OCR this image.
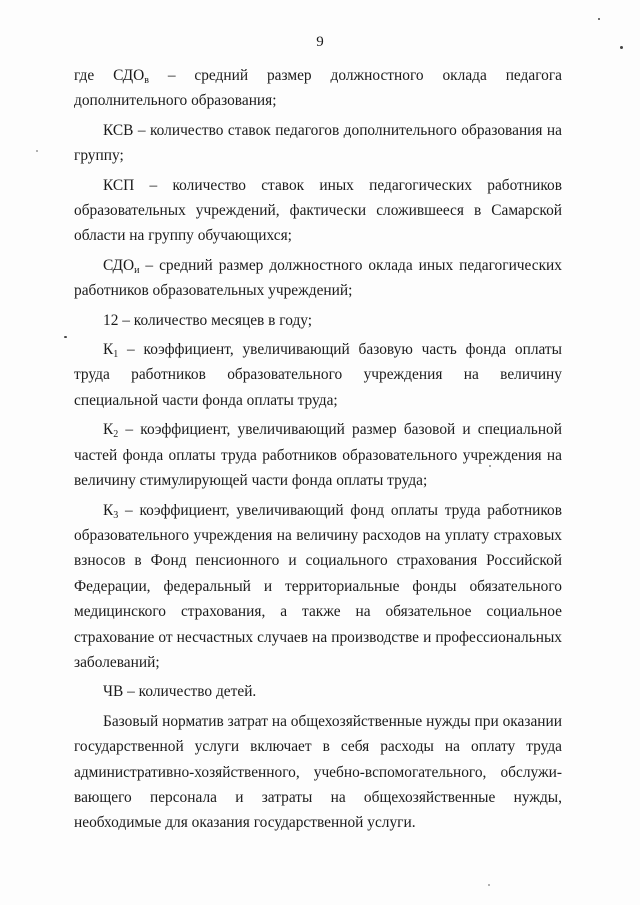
9

где $СДО_в$ – средний размер должностного оклада педагога дополнительного образования;

КСВ – количество ставок педагогов дополнительного образования на группу;

КСП – количество ставок иных педагогических работников образовательных учреждений, фактически сложившееся в Самарской области на группу обучающихся;

$СДО_и$ – средний размер должностного оклада иных педагогических работников образовательных учреждений;

12 – количество месяцев в году;

$К_1$ – коэффициент, увеличивающий базовую часть фонда оплаты труда работников образовательного учреждения на величину специальной части фонда оплаты труда;

$К_2$ – коэффициент, увеличивающий размер базовой и специальной частей фонда оплаты труда работников образовательного учреждения на величину стимулирующей части фонда оплаты труда;

$К_3$ – коэффициент, увеличивающий фонд оплаты труда работников образовательного учреждения на величину расходов на уплату страховых взносов в Фонд пенсионного и социального страхования Российской Федерации, федеральный и территориальные фонды обязательного медицинского страхования, а также на обязательное социальное страхование от несчастных случаев на производстве и профессиональных заболеваний;

ЧВ – количество детей.

Базовый норматив затрат на общехозяйственные нужды при оказании государственной услуги включает в себя расходы на оплату труда административно-хозяйственного, учебно-вспомогательного, обслужи-вающего персонала и затраты на общехозяйственные нужды, необходимые для оказания государственной услуги.
